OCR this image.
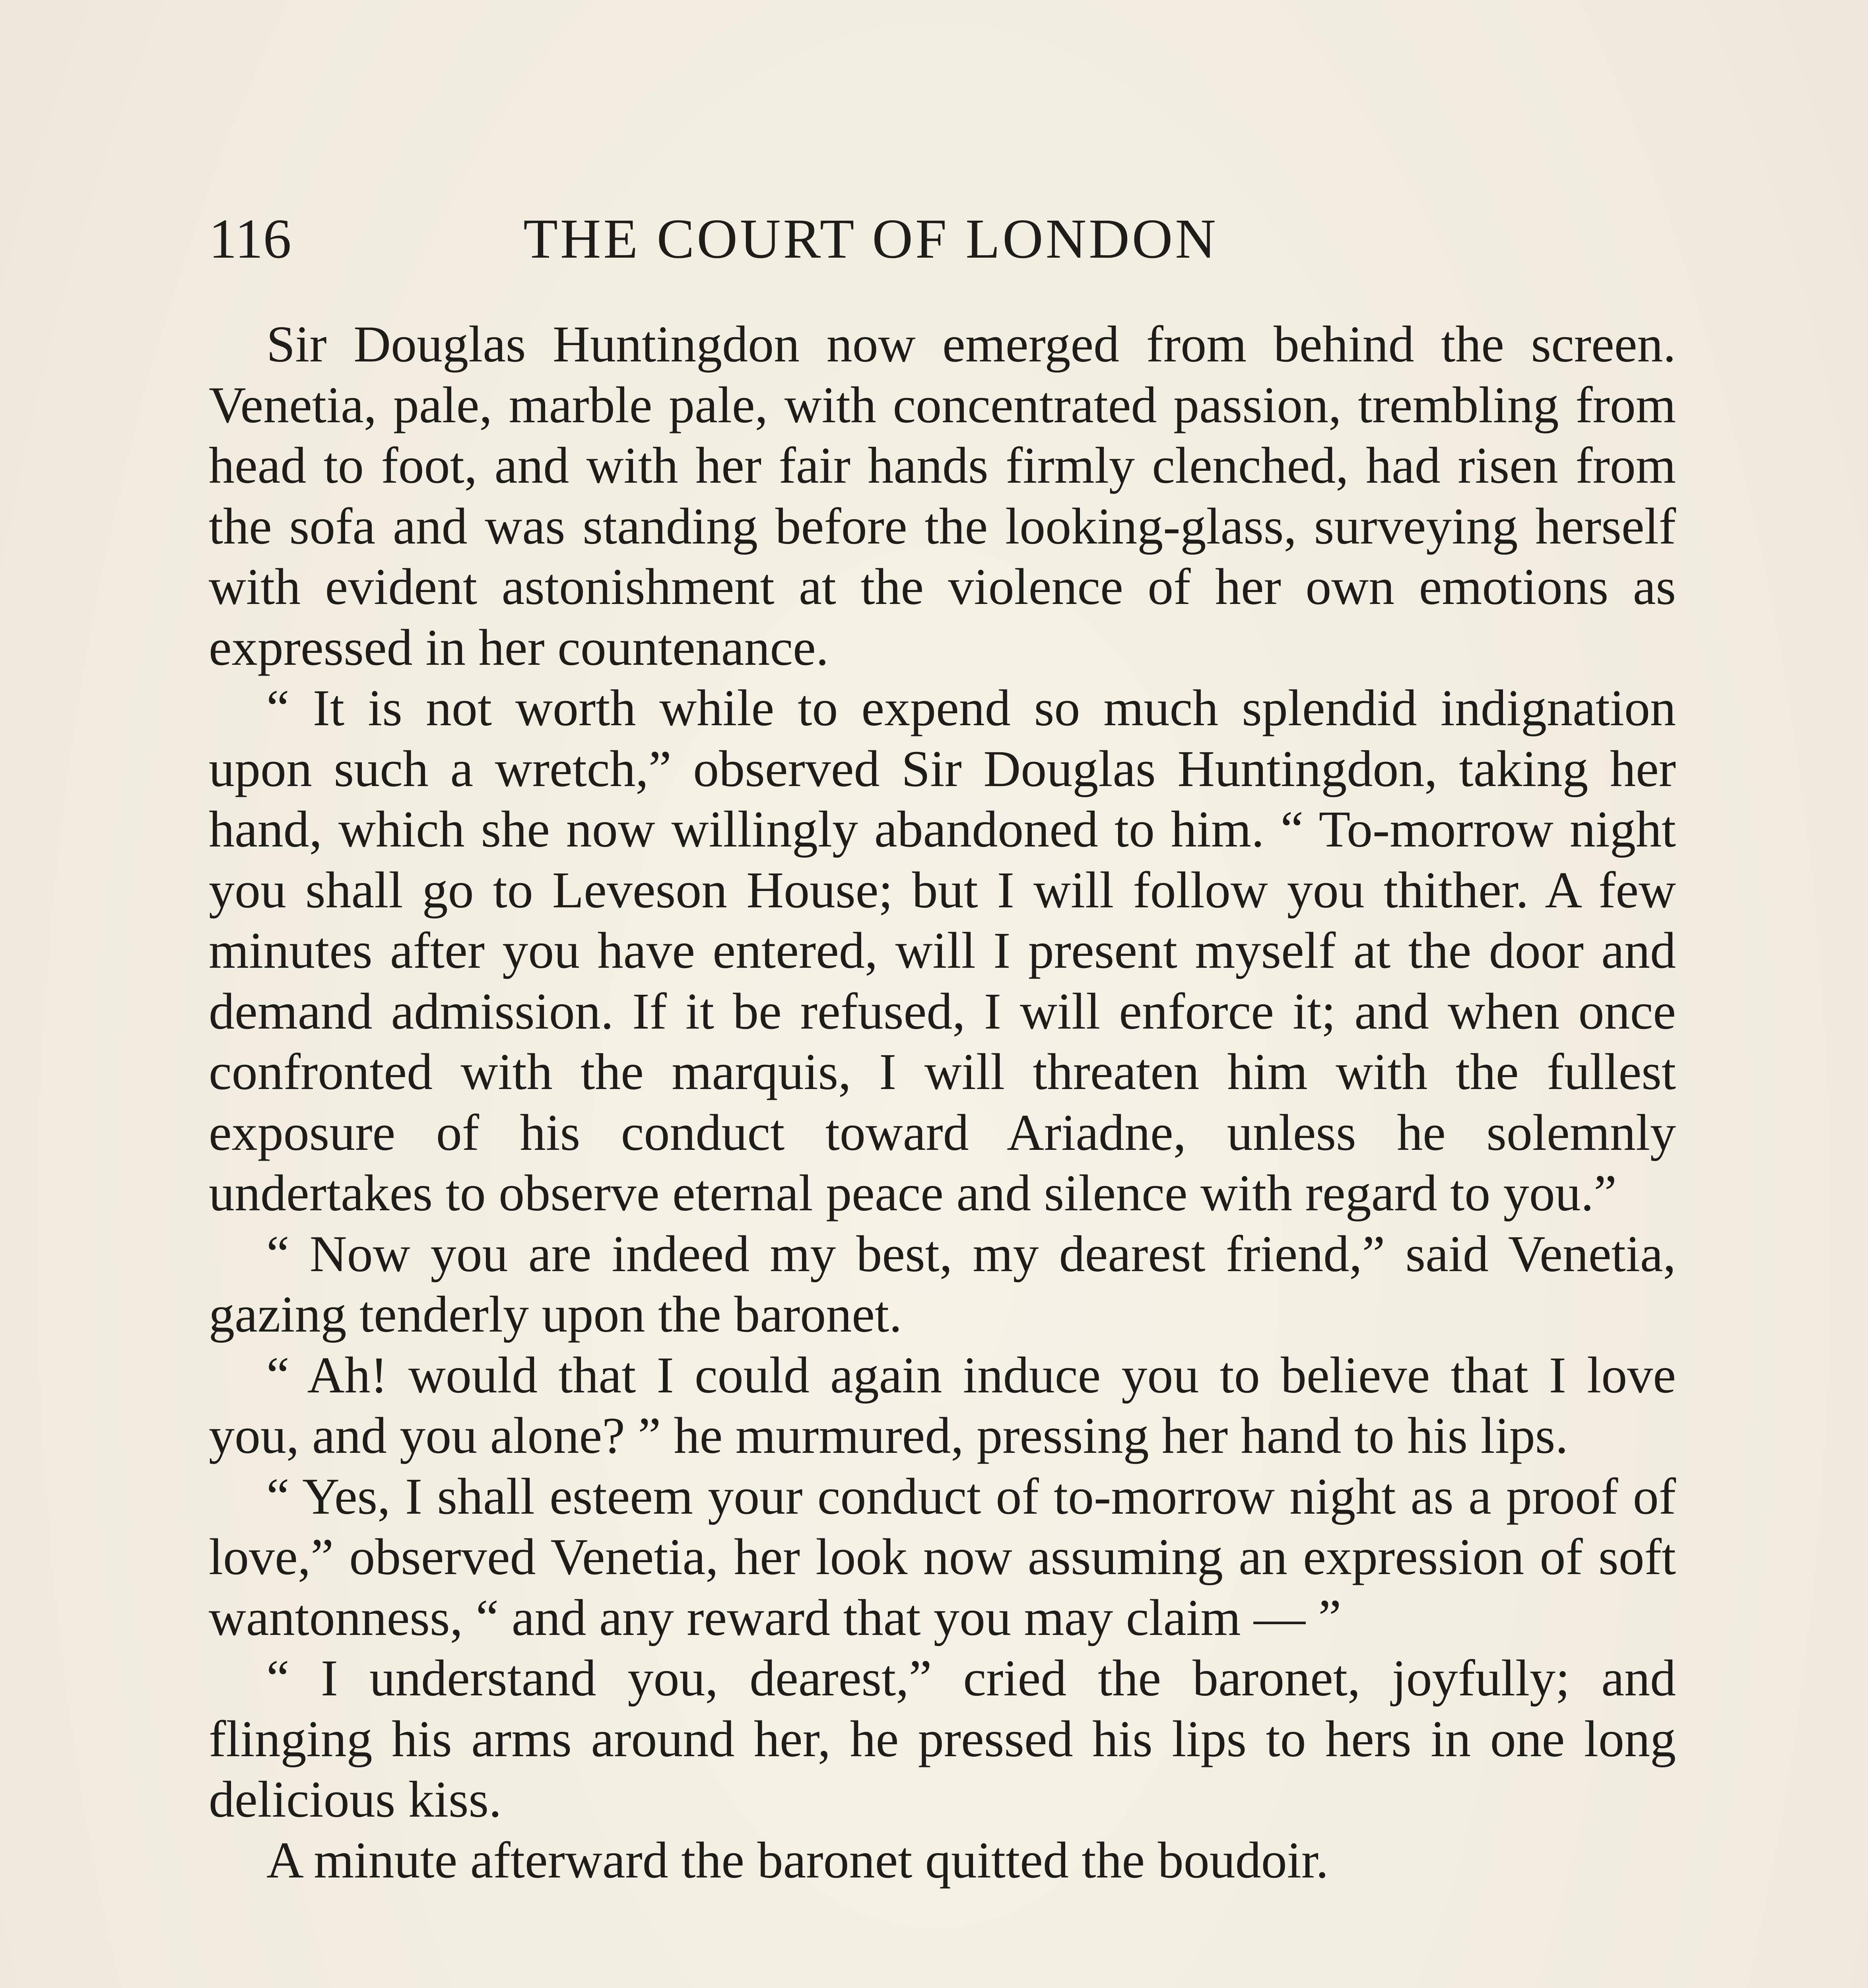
116	THE COURT OF LONDON

Sir Douglas Huntingdon now emerged from behind the screen. Venetia, pale, marble pale, with concentrated passion, trembling from head to foot, and with her fair hands firmly clenched, had risen from the sofa and was standing before the looking-glass, surveying herself with evident astonishment at the violence of her own emotions as expressed in her countenance.

“ It is not worth while to expend so much splendid indignation upon such a wretch,” observed Sir Douglas Huntingdon, taking her hand, which she now willingly abandoned to him. “ To-morrow night you shall go to Leveson House; but I will follow you thither. A few minutes after you have entered, will I present myself at the door and demand admission. If it be refused, I will enforce it; and when once confronted with the marquis, I will threaten him with the fullest exposure of his conduct toward Ariadne, unless he solemnly undertakes to observe eternal peace and silence with regard to you.”

“ Now you are indeed my best, my dearest friend,” said Venetia, gazing tenderly upon the baronet.

“ Ah! would that I could again induce you to believe that I love you, and you alone? ” he murmured, pressing her hand to his lips.

“ Yes, I shall esteem your conduct of to-morrow night as a proof of love,” observed Venetia, her look now assuming an expression of soft wantonness, “ and any reward that you may claim — ”

“ I understand you, dearest,” cried the baronet, joyfully; and flinging his arms around her, he pressed his lips to hers in one long delicious kiss.

A minute afterward the baronet quitted the boudoir.
